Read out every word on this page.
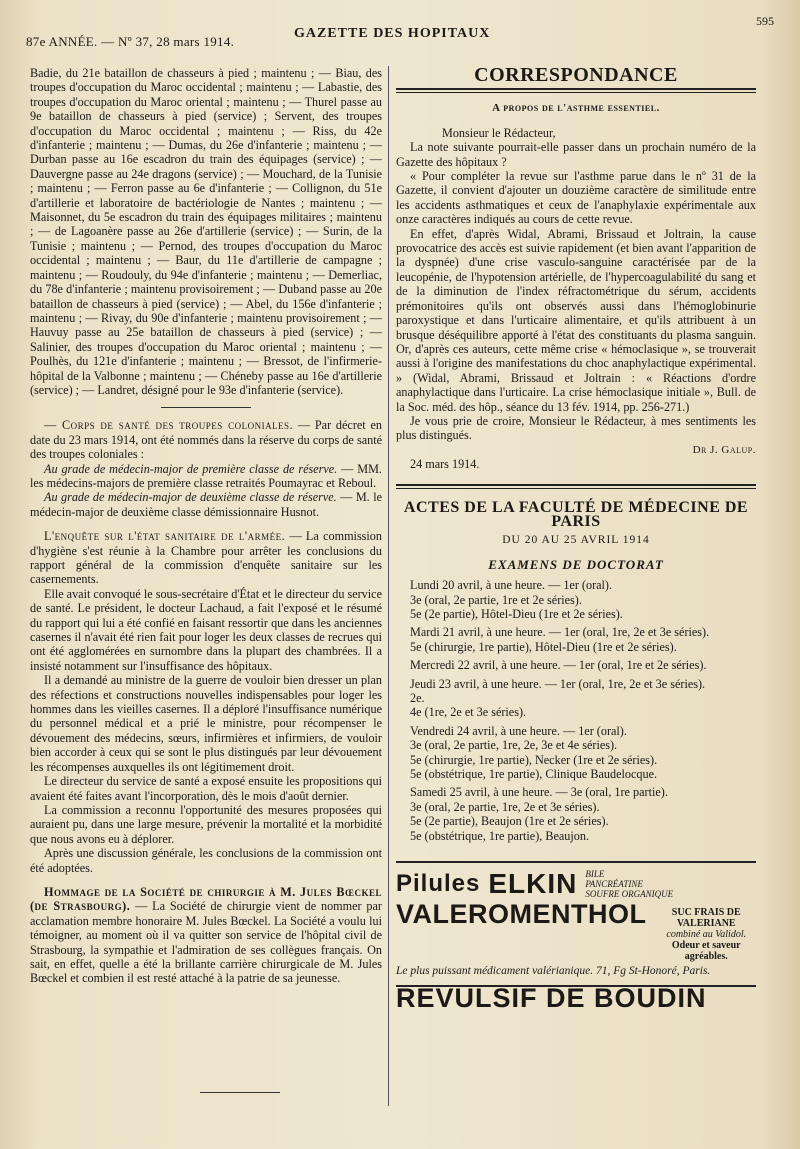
87e ANNÉE. — Nº 37, 28 mars 1914.
GAZETTE DES HOPITAUX
595

Badie, du 21e bataillon de chasseurs à pied ; maintenu ; — Biau, des troupes d'occupation du Maroc occidental ; maintenu ; — Labastie, des troupes d'occupation du Maroc oriental ; maintenu ; — Thurel passe au 9e bataillon de chasseurs à pied (service) ; Servent, des troupes d'occupation du Maroc occidental ; maintenu ; — Riss, du 42e d'infanterie ; maintenu ; — Dumas, du 26e d'infanterie ; maintenu ; — Durban passe au 16e escadron du train des équipages (service) ; — Dauvergne passe au 24e dragons (service) ; — Mouchard, de la Tunisie ; maintenu ; — Ferron passe au 6e d'infanterie ; — Collignon, du 51e d'artillerie et laboratoire de bactériologie de Nantes ; maintenu ; — Maisonnet, du 5e escadron du train des équipages militaires ; maintenu ; — de Lagoanère passe au 26e d'artillerie (service) ; — Surin, de la Tunisie ; maintenu ; — Pernod, des troupes d'occupation du Maroc occidental ; maintenu ; — Baur, du 11e d'artillerie de campagne ; maintenu ; — Roudouly, du 94e d'infanterie ; maintenu ; — Demerliac, du 78e d'infanterie ; maintenu provisoirement ; — Duband passe au 20e bataillon de chasseurs à pied (service) ; — Abel, du 156e d'infanterie ; maintenu ; — Rivay, du 90e d'infanterie ; maintenu provisoirement ; — Hauvuy passe au 25e bataillon de chasseurs à pied (service) ; — Salinier, des troupes d'occupation du Maroc oriental ; maintenu ; — Poulhès, du 121e d'infanterie ; maintenu ; — Bressot, de l'infirmerie-hôpital de la Valbonne ; maintenu ; — Chéneby passe au 16e d'artillerie (service) ; — Landret, désigné pour le 93e d'infanterie (service).

— Corps de santé des troupes coloniales. — Par décret en date du 23 mars 1914, ont été nommés dans la réserve du corps de santé des troupes coloniales :

Au grade de médecin-major de première classe de réserve. — MM. les médecins-majors de première classe retraités Poumayrac et Reboul.

Au grade de médecin-major de deuxième classe de réserve. — M. le médecin-major de deuxième classe démissionnaire Husnot.

L'enquête sur l'état sanitaire de l'armée. — La commission d'hygiène s'est réunie à la Chambre pour arrêter les conclusions du rapport général de la commission d'enquête sanitaire sur les casernements.

Elle avait convoqué le sous-secrétaire d'État et le directeur du service de santé. Le président, le docteur Lachaud, a fait l'exposé et le résumé du rapport qui lui a été confié en faisant ressortir que dans les anciennes casernes il n'avait été rien fait pour loger les deux classes de recrues qui ont été agglomérées en surnombre dans la plupart des chambrées. Il a insisté notamment sur l'insuffisance des hôpitaux.

Il a demandé au ministre de la guerre de vouloir bien dresser un plan des réfections et constructions nouvelles indispensables pour loger les hommes dans les vieilles casernes. Il a déploré l'insuffisance numérique du personnel médical et a prié le ministre, pour récompenser le dévouement des médecins, sœurs, infirmières et infirmiers, de vouloir bien accorder à ceux qui se sont le plus distingués par leur dévouement les récompenses auxquelles ils ont légitimement droit.

Le directeur du service de santé a exposé ensuite les propositions qui avaient été faites avant l'incorporation, dès le mois d'août dernier.

La commission a reconnu l'opportunité des mesures proposées qui auraient pu, dans une large mesure, prévenir la mortalité et la morbidité que nous avons eu à déplorer.

Après une discussion générale, les conclusions de la commission ont été adoptées.

Hommage de la Société de chirurgie à M. Jules Bœckel (de Strasbourg). — La Société de chirurgie vient de nommer par acclamation membre honoraire M. Jules Bœckel. La Société a voulu lui témoigner, au moment où il va quitter son service de l'hôpital civil de Strasbourg, la sympathie et l'admiration de ses collègues français. On sait, en effet, quelle a été la brillante carrière chirurgicale de M. Jules Bœckel et combien il est resté attaché à la patrie de sa jeunesse.

CORRESPONDANCE
A propos de l'asthme essentiel.

Monsieur le Rédacteur,

La note suivante pourrait-elle passer dans un prochain numéro de la Gazette des hôpitaux ?

« Pour compléter la revue sur l'asthme parue dans le nº 31 de la Gazette, il convient d'ajouter un douzième caractère de similitude entre les accidents asthmatiques et ceux de l'anaphylaxie expérimentale aux onze caractères indiqués au cours de cette revue.

En effet, d'après Widal, Abrami, Brissaud et Joltrain, la cause provocatrice des accès est suivie rapidement (et bien avant l'apparition de la dyspnée) d'une crise vasculo-sanguine caractérisée par de la leucopénie, de l'hypotension artérielle, de l'hypercoagulabilité du sang et de la diminution de l'index réfractométrique du sérum, accidents prémonitoires qu'ils ont observés aussi dans l'hémoglobinurie paroxystique et dans l'urticaire alimentaire, et qu'ils attribuent à un brusque déséquilibre apporté à l'état des constituants du plasma sanguin. Or, d'après ces auteurs, cette même crise « hémoclasique », se trouverait aussi à l'origine des manifestations du choc anaphylactique expérimental. » (Widal, Abrami, Brissaud et Joltrain : « Réactions d'ordre anaphylactique dans l'urticaire. La crise hémoclasique initiale », Bull. de la Soc. méd. des hôp., séance du 13 fév. 1914, pp. 256-271.)

Je vous prie de croire, Monsieur le Rédacteur, à mes sentiments les plus distingués.

Dr J. Galup.

24 mars 1914.

ACTES DE LA FACULTÉ DE MÉDECINE DE PARIS
DU 20 AU 25 AVRIL 1914
EXAMENS DE DOCTORAT

Lundi 20 avril, à une heure. — 1er (oral).

3e (oral, 2e partie, 1re et 2e séries).

5e (2e partie), Hôtel-Dieu (1re et 2e séries).

Mardi 21 avril, à une heure. — 1er (oral, 1re, 2e et 3e séries).

5e (chirurgie, 1re partie), Hôtel-Dieu (1re et 2e séries).

Mercredi 22 avril, à une heure. — 1er (oral, 1re et 2e séries).

Jeudi 23 avril, à une heure. — 1er (oral, 1re, 2e et 3e séries).

2e.

4e (1re, 2e et 3e séries).

Vendredi 24 avril, à une heure. — 1er (oral).

3e (oral, 2e partie, 1re, 2e, 3e et 4e séries).

5e (chirurgie, 1re partie), Necker (1re et 2e séries).

5e (obstétrique, 1re partie), Clinique Baudelocque.

Samedi 25 avril, à une heure. — 3e (oral, 1re partie).

3e (oral, 2e partie, 1re, 2e et 3e séries).

5e (2e partie), Beaujon (1re et 2e séries).

5e (obstétrique, 1re partie), Beaujon.

Pilules ELKIN BILE
PANCRÉATINE
SOUFRE ORGANIQUE
VALEROMENTHOL	SUC FRAIS DE VALERIANE
combiné au Validol.
Odeur et saveur agréables.
Le plus puissant médicament valérianique. 71, Fg St-Honoré, Paris.
REVULSIF DE BOUDIN
